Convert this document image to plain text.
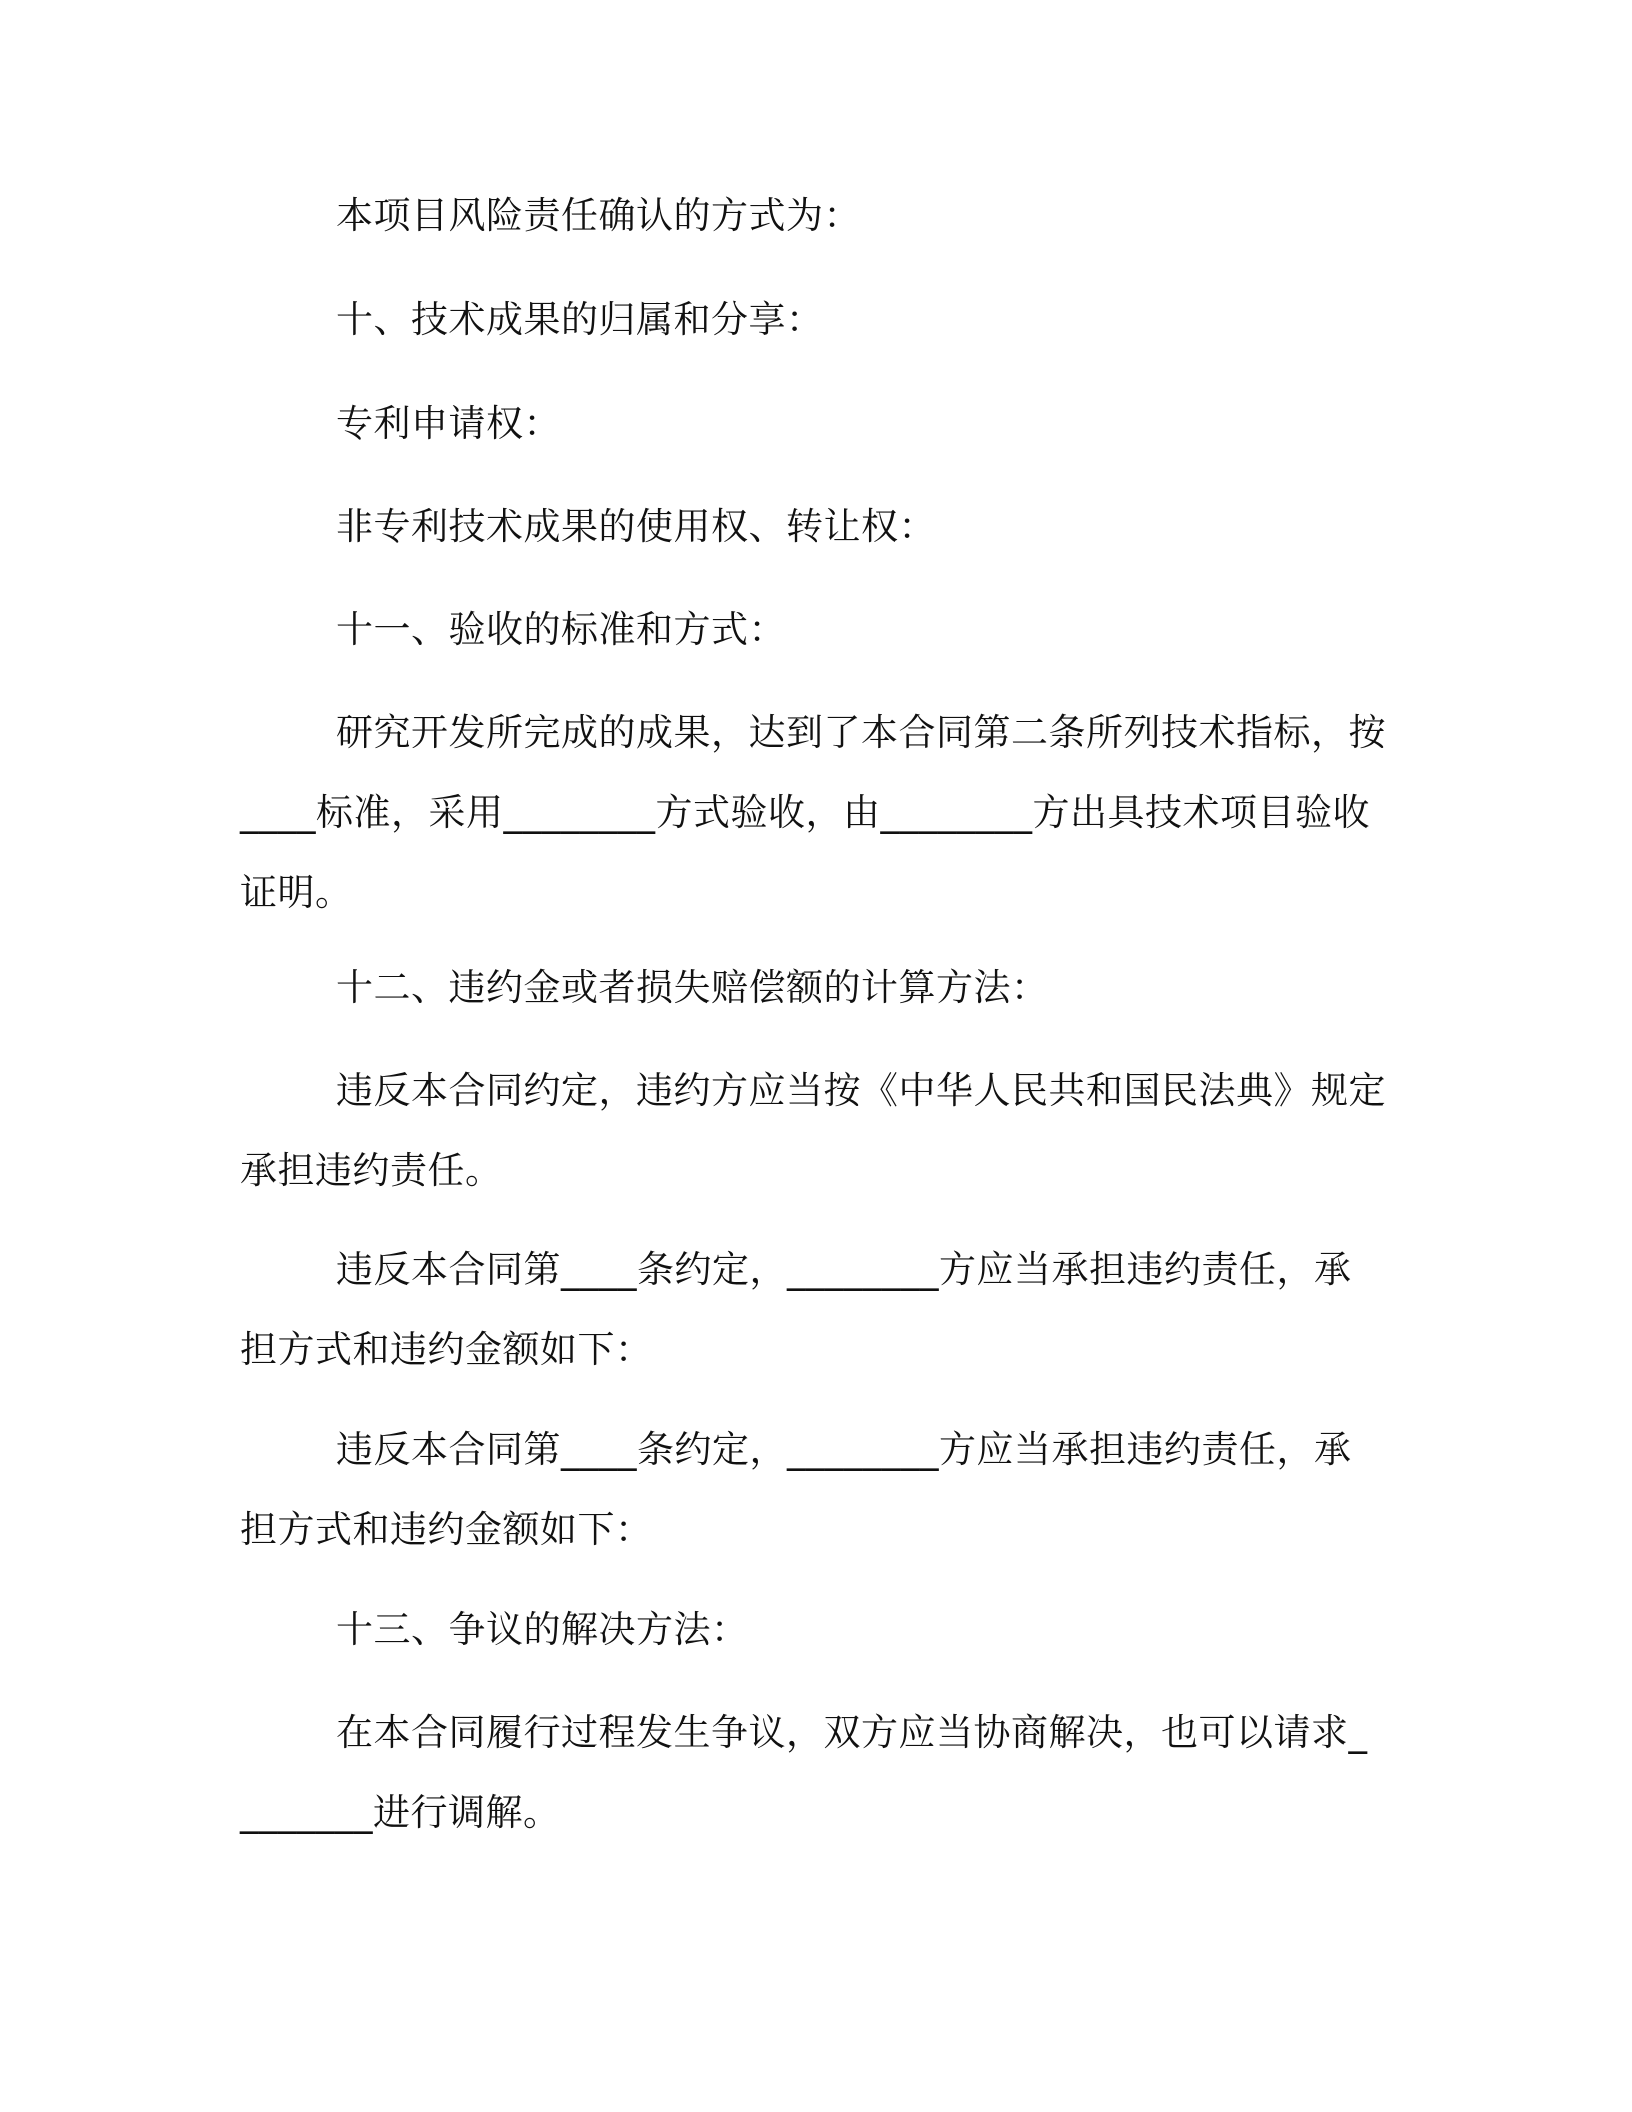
本项目风险责任确认的方式为：

十、技术成果的归属和分享：

专利申请权：

非专利技术成果的使用权、转让权：

十一、验收的标准和方式：

研究开发所完成的成果，达到了本合同第二条所列技术指标，按____标准，采用________方式验收，由________方出具技术项目验收证明。

十二、违约金或者损失赔偿额的计算方法：

违反本合同约定，违约方应当按《中华人民共和国民法典》规定承担违约责任。

违反本合同第____条约定，________方应当承担违约责任，承担方式和违约金额如下：

违反本合同第____条约定，________方应当承担违约责任，承担方式和违约金额如下：

十三、争议的解决方法：

在本合同履行过程发生争议，双方应当协商解决，也可以请求________进行调解。
